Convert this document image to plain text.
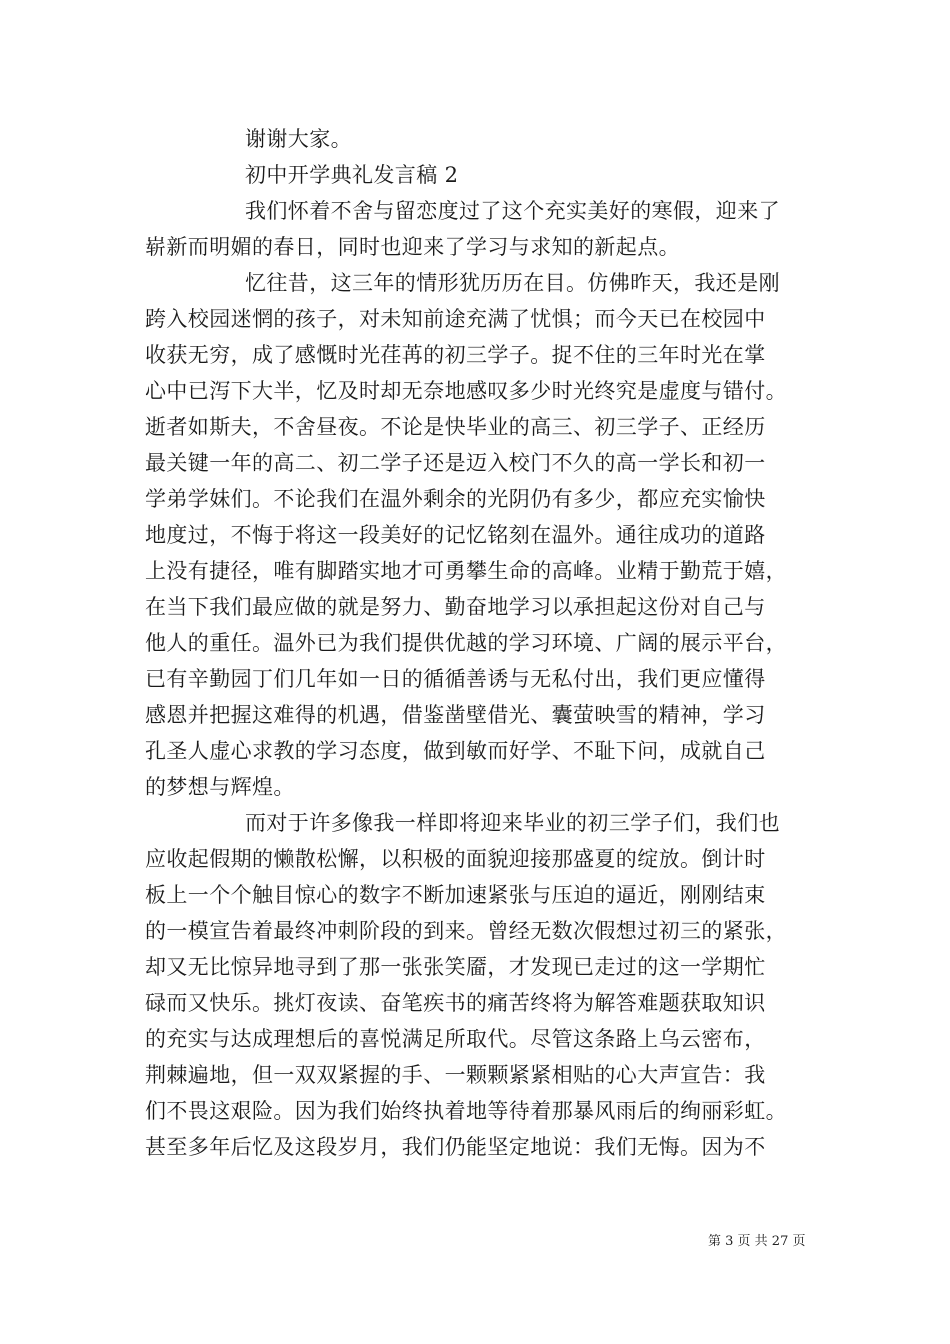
谢谢大家。
初中开学典礼发言稿 2
我们怀着不舍与留恋度过了这个充实美好的寒假，迎来了
崭新而明媚的春日，同时也迎来了学习与求知的新起点。
忆往昔，这三年的情形犹历历在目。仿佛昨天，我还是刚
跨入校园迷惘的孩子，对未知前途充满了忧惧；而今天已在校园中
收获无穷，成了感慨时光荏苒的初三学子。捉不住的三年时光在掌
心中已泻下大半，忆及时却无奈地感叹多少时光终究是虚度与错付。
逝者如斯夫，不舍昼夜。不论是快毕业的高三、初三学子、正经历
最关键一年的高二、初二学子还是迈入校门不久的高一学长和初一
学弟学妹们。不论我们在温外剩余的光阴仍有多少，都应充实愉快
地度过，不悔于将这一段美好的记忆铭刻在温外。通往成功的道路
上没有捷径，唯有脚踏实地才可勇攀生命的高峰。业精于勤荒于嬉，
在当下我们最应做的就是努力、勤奋地学习以承担起这份对自己与
他人的重任。温外已为我们提供优越的学习环境、广阔的展示平台，
已有辛勤园丁们几年如一日的循循善诱与无私付出，我们更应懂得
感恩并把握这难得的机遇，借鉴凿壁借光、囊萤映雪的精神，学习
孔圣人虚心求教的学习态度，做到敏而好学、不耻下问，成就自己
的梦想与辉煌。
而对于许多像我一样即将迎来毕业的初三学子们，我们也
应收起假期的懒散松懈，以积极的面貌迎接那盛夏的绽放。倒计时
板上一个个触目惊心的数字不断加速紧张与压迫的逼近，刚刚结束
的一模宣告着最终冲刺阶段的到来。曾经无数次假想过初三的紧张，
却又无比惊异地寻到了那一张张笑靥，才发现已走过的这一学期忙
碌而又快乐。挑灯夜读、奋笔疾书的痛苦终将为解答难题获取知识
的充实与达成理想后的喜悦满足所取代。尽管这条路上乌云密布，
荆棘遍地，但一双双紧握的手、一颗颗紧紧相贴的心大声宣告：我
们不畏这艰险。因为我们始终执着地等待着那暴风雨后的绚丽彩虹。
甚至多年后忆及这段岁月，我们仍能坚定地说：我们无悔。因为不
第 3 页 共 27 页
